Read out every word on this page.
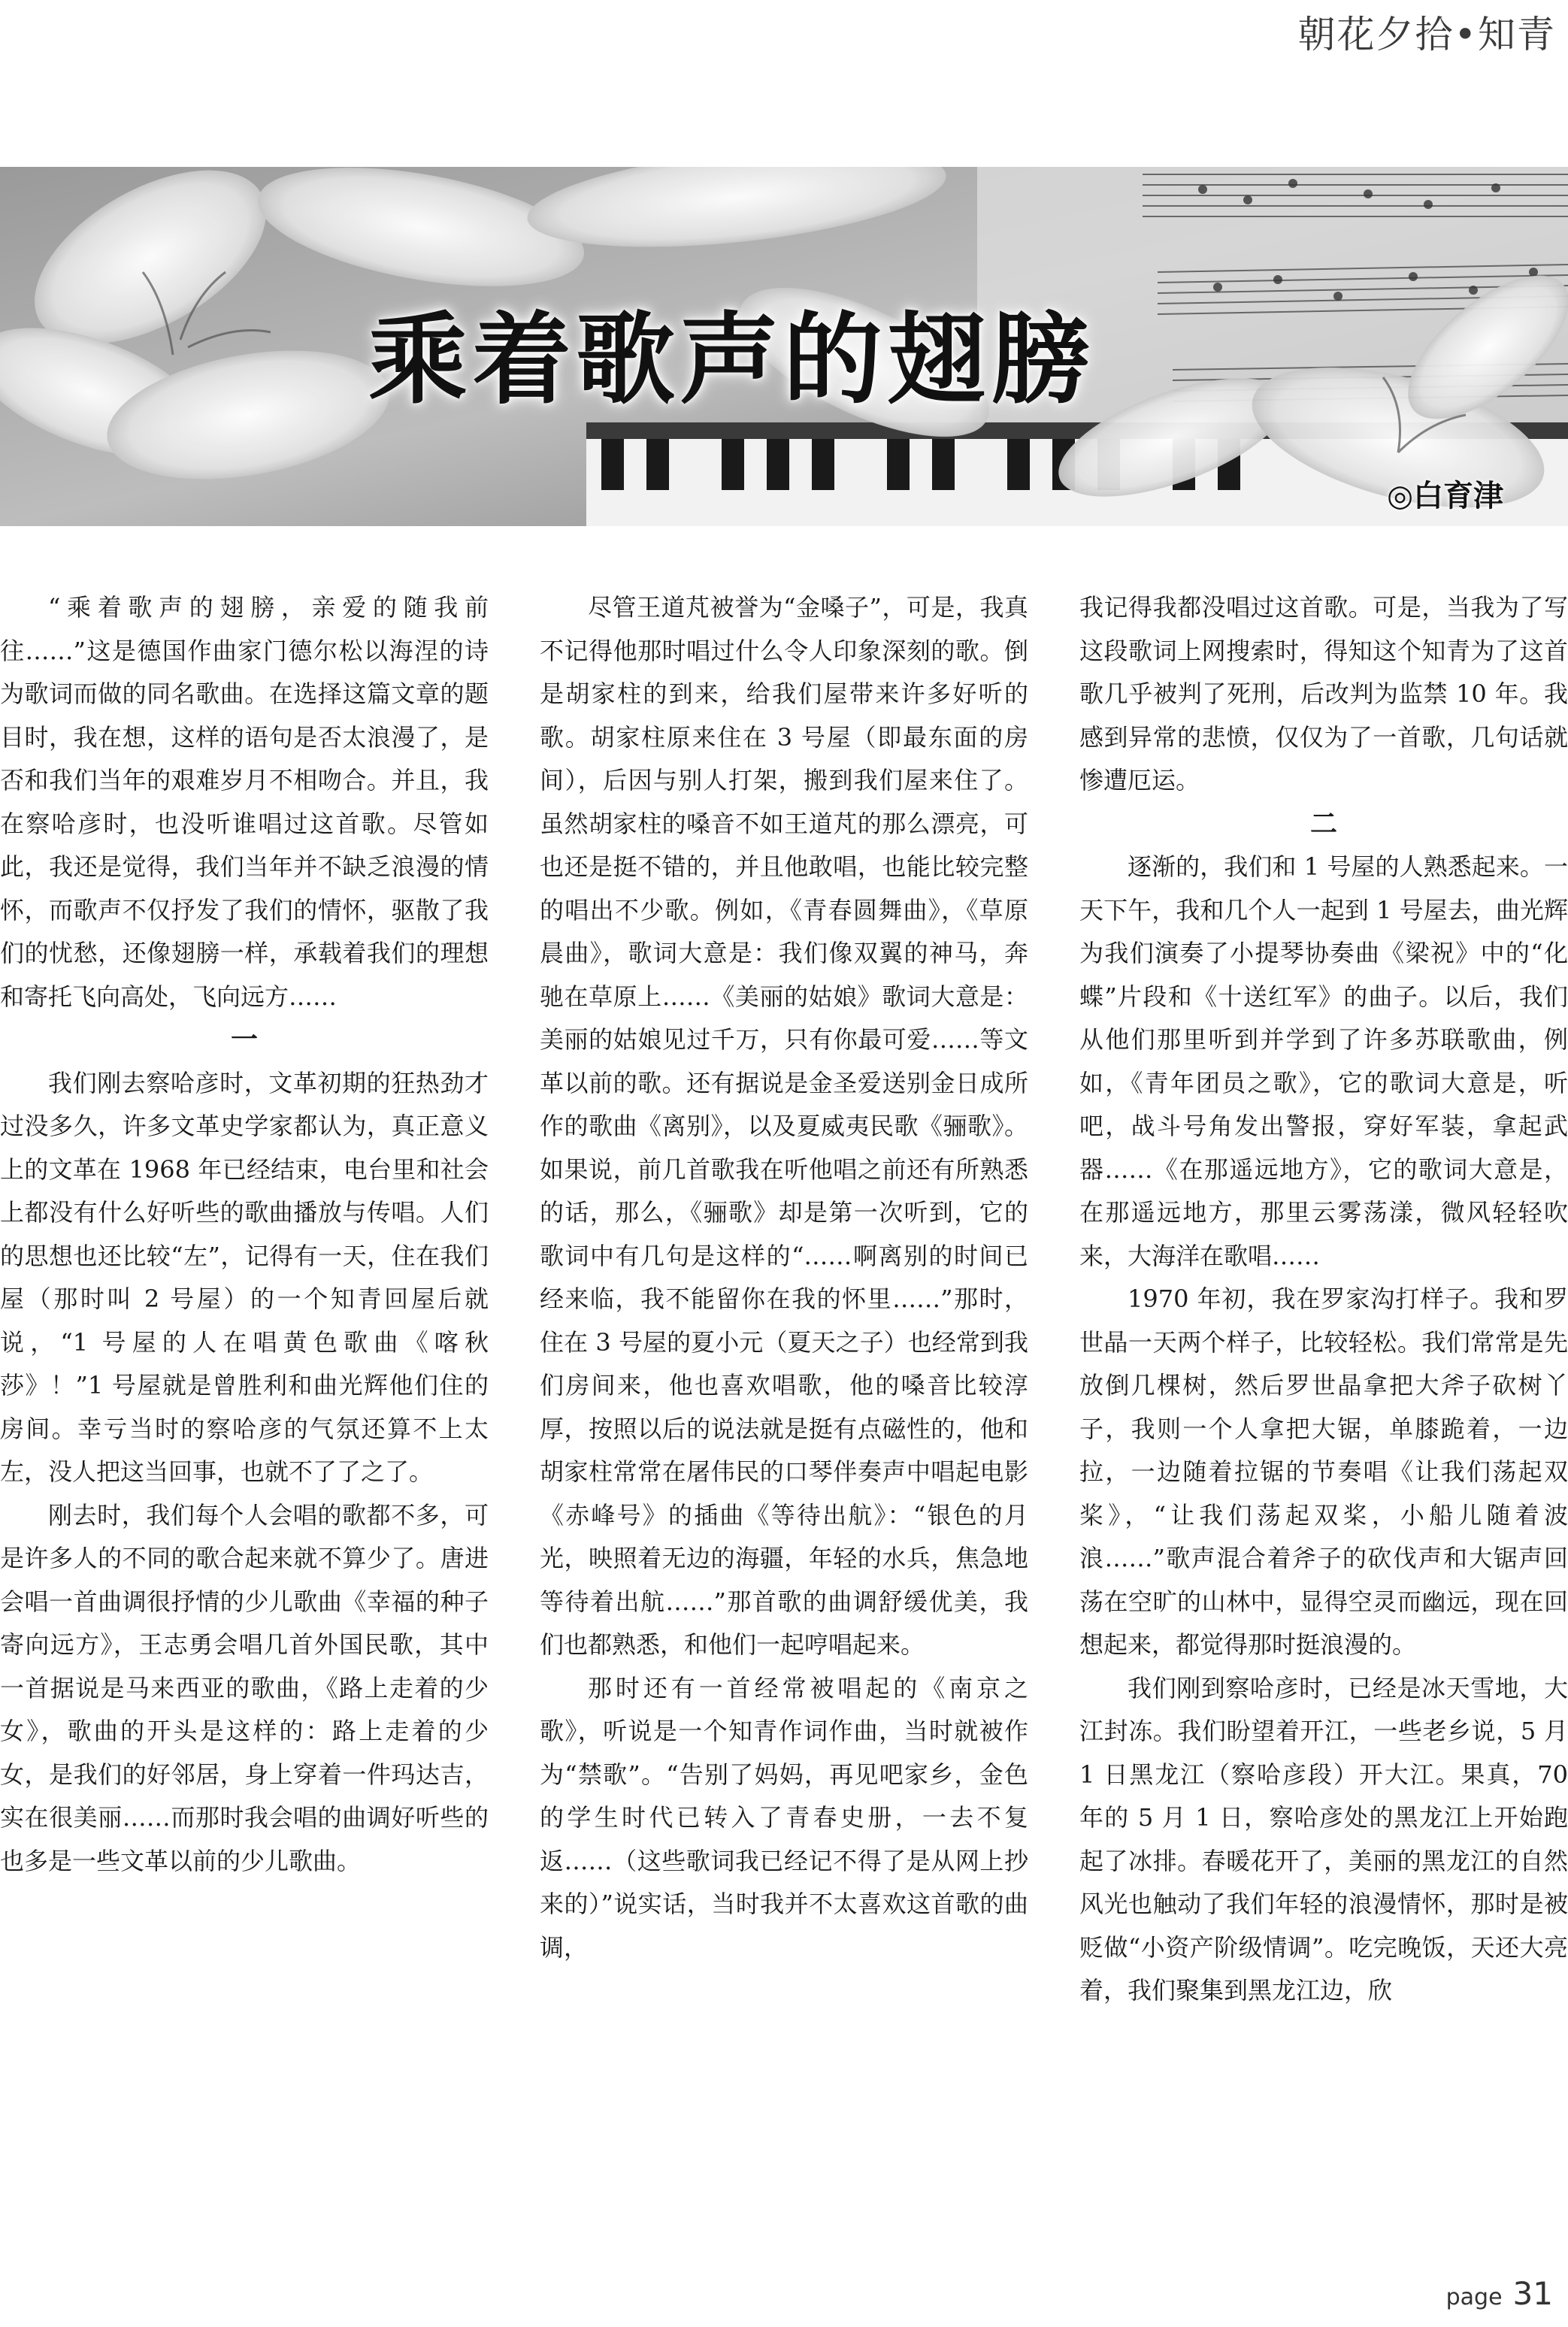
朝花夕拾•知青
乘着歌声的翅膀
◎白育津

“乘着歌声的翅膀，亲爱的随我前往……”这是德国作曲家门德尔松以海涅的诗为歌词而做的同名歌曲。在选择这篇文章的题目时，我在想，这样的语句是否太浪漫了，是否和我们当年的艰难岁月不相吻合。并且，我在察哈彦时，也没听谁唱过这首歌。尽管如此，我还是觉得，我们当年并不缺乏浪漫的情怀，而歌声不仅抒发了我们的情怀，驱散了我们的忧愁，还像翅膀一样，承载着我们的理想和寄托飞向高处，飞向远方……

一

我们刚去察哈彦时，文革初期的狂热劲才过没多久，许多文革史学家都认为，真正意义上的文革在 1968 年已经结束，电台里和社会上都没有什么好听些的歌曲播放与传唱。人们的思想也还比较“左”，记得有一天，住在我们屋（那时叫 2 号屋）的一个知青回屋后就说，“1 号屋的人在唱黄色歌曲《喀秋莎》！”1 号屋就是曾胜利和曲光辉他们住的房间。幸亏当时的察哈彦的气氛还算不上太左，没人把这当回事，也就不了了之了。

刚去时，我们每个人会唱的歌都不多，可是许多人的不同的歌合起来就不算少了。唐进会唱一首曲调很抒情的少儿歌曲《幸福的种子寄向远方》，王志勇会唱几首外国民歌，其中一首据说是马来西亚的歌曲，《路上走着的少女》，歌曲的开头是这样的：路上走着的少女，是我们的好邻居，身上穿着一件玛达吉，实在很美丽……而那时我会唱的曲调好听些的也多是一些文革以前的少儿歌曲。

尽管王道芃被誉为“金嗓子”，可是，我真不记得他那时唱过什么令人印象深刻的歌。倒是胡家柱的到来，给我们屋带来许多好听的歌。胡家柱原来住在 3 号屋（即最东面的房间），后因与别人打架，搬到我们屋来住了。虽然胡家柱的嗓音不如王道芃的那么漂亮，可也还是挺不错的，并且他敢唱，也能比较完整的唱出不少歌。例如，《青春圆舞曲》，《草原晨曲》，歌词大意是：我们像双翼的神马，奔驰在草原上……《美丽的姑娘》歌词大意是：美丽的姑娘见过千万，只有你最可爱……等文革以前的歌。还有据说是金圣爱送别金日成所作的歌曲《离别》，以及夏威夷民歌《骊歌》。如果说，前几首歌我在听他唱之前还有所熟悉的话，那么，《骊歌》却是第一次听到，它的歌词中有几句是这样的“……啊离别的时间已经来临，我不能留你在我的怀里……”那时，住在 3 号屋的夏小元（夏天之子）也经常到我们房间来，他也喜欢唱歌，他的嗓音比较淳厚，按照以后的说法就是挺有点磁性的，他和胡家柱常常在屠伟民的口琴伴奏声中唱起电影《赤峰号》的插曲《等待出航》：“银色的月光，映照着无边的海疆，年轻的水兵，焦急地等待着出航……”那首歌的曲调舒缓优美，我们也都熟悉，和他们一起哼唱起来。

那时还有一首经常被唱起的《南京之歌》，听说是一个知青作词作曲，当时就被作为“禁歌”。“告别了妈妈，再见吧家乡，金色的学生时代已转入了青春史册，一去不复返……（这些歌词我已经记不得了是从网上抄来的）”说实话，当时我并不太喜欢这首歌的曲调，

我记得我都没唱过这首歌。可是，当我为了写这段歌词上网搜索时，得知这个知青为了这首歌几乎被判了死刑，后改判为监禁 10 年。我感到异常的悲愤，仅仅为了一首歌，几句话就惨遭厄运。

二

逐渐的，我们和 1 号屋的人熟悉起来。一天下午，我和几个人一起到 1 号屋去，曲光辉为我们演奏了小提琴协奏曲《梁祝》中的“化蝶”片段和《十送红军》的曲子。以后，我们从他们那里听到并学到了许多苏联歌曲，例如，《青年团员之歌》，它的歌词大意是，听吧，战斗号角发出警报，穿好军装，拿起武器……《在那遥远地方》，它的歌词大意是，在那遥远地方，那里云雾荡漾，微风轻轻吹来，大海洋在歌唱……

1970 年初，我在罗家沟打样子。我和罗世晶一天两个样子，比较轻松。我们常常是先放倒几棵树，然后罗世晶拿把大斧子砍树丫子，我则一个人拿把大锯，单膝跪着，一边拉，一边随着拉锯的节奏唱《让我们荡起双桨》，“让我们荡起双桨，小船儿随着波浪……”歌声混合着斧子的砍伐声和大锯声回荡在空旷的山林中，显得空灵而幽远，现在回想起来，都觉得那时挺浪漫的。

我们刚到察哈彦时，已经是冰天雪地，大江封冻。我们盼望着开江，一些老乡说，5 月 1 日黑龙江（察哈彦段）开大江。果真，70 年的 5 月 1 日，察哈彦处的黑龙江上开始跑起了冰排。春暖花开了，美丽的黑龙江的自然风光也触动了我们年轻的浪漫情怀，那时是被贬做“小资产阶级情调”。吃完晚饭，天还大亮着，我们聚集到黑龙江边，欣

page 31
